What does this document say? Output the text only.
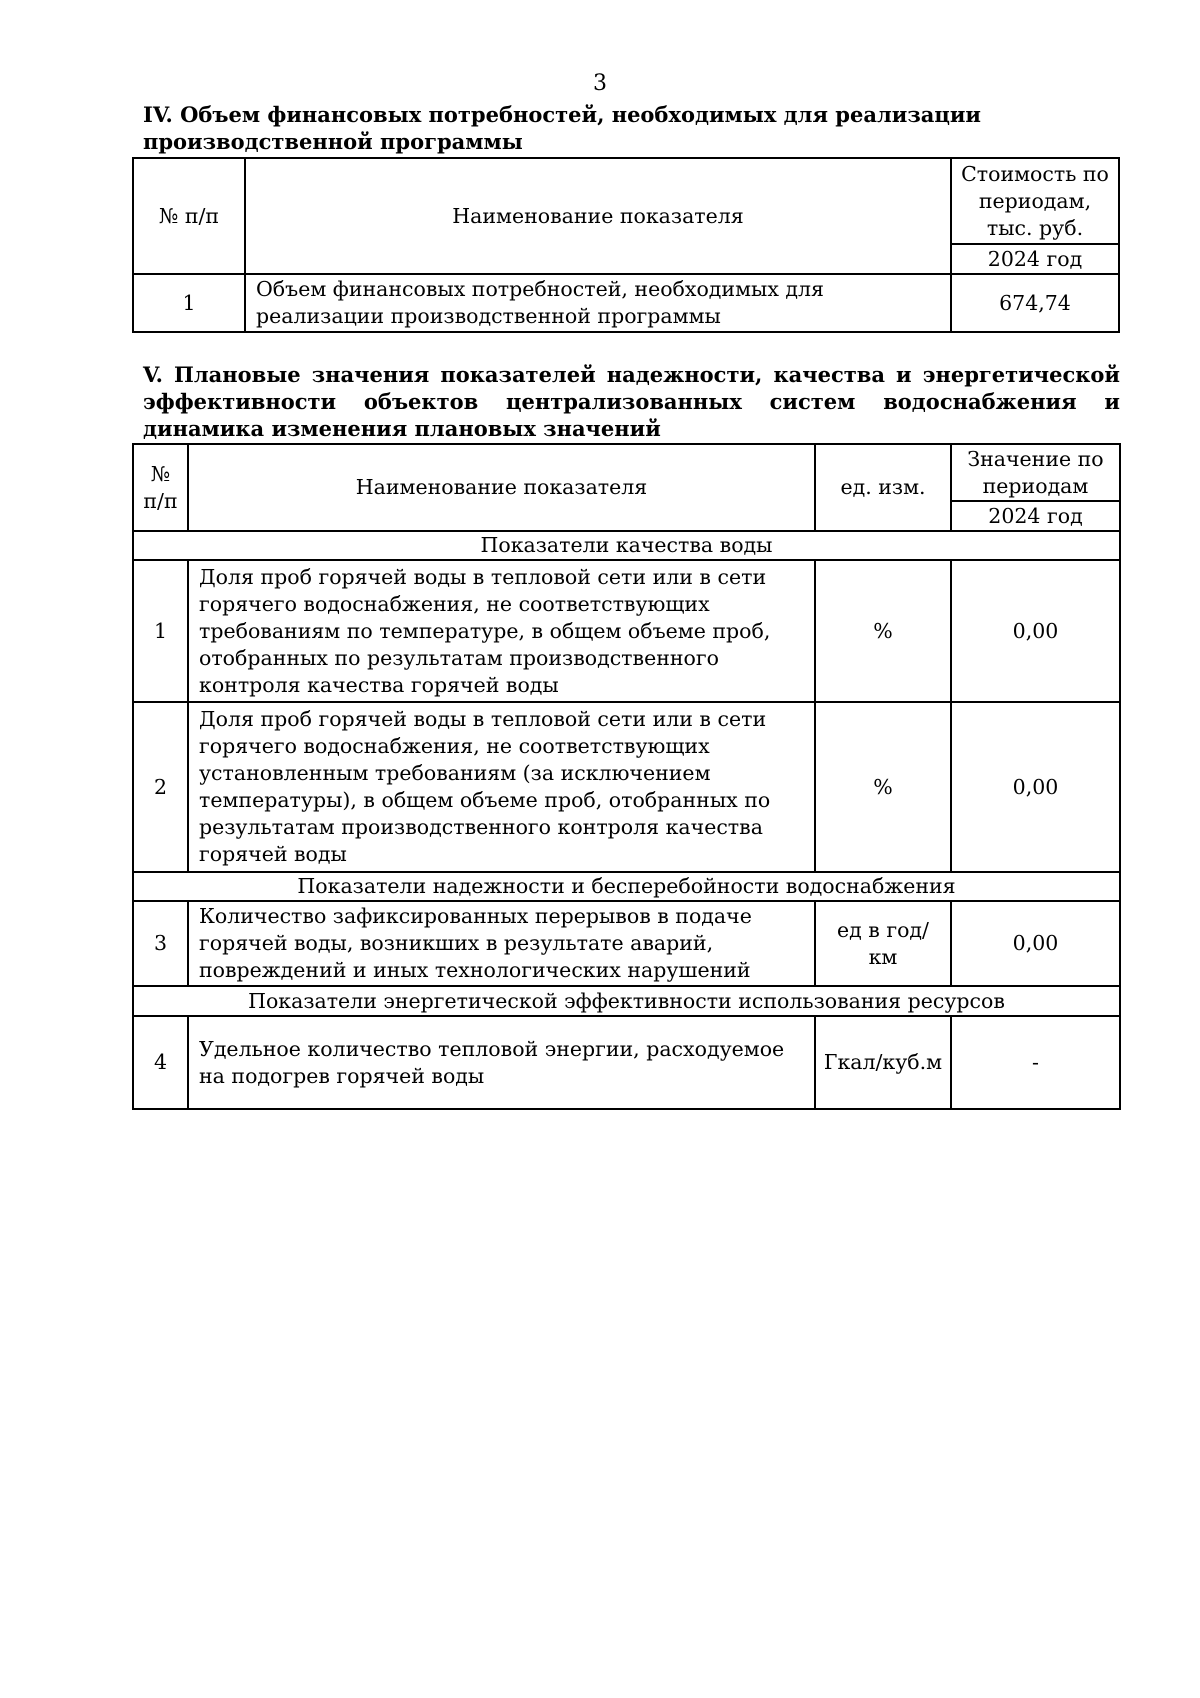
3

IV. Объем финансовых потребностей, необходимых для реализации производственной программы

№ п/п	Наименование показателя	Стоимость по периодам, тыс. руб.
		2024 год
1	Объем финансовых потребностей, необходимых для реализации производственной программы	674,74

V. Плановые значения показателей надежности, качества и энергетической эффективности объектов централизованных систем водоснабжения и динамика изменения плановых значений

№ п/п	Наименование показателя	ед. изм.	Значение по периодам
			2024 год
Показатели качества воды			
1	Доля проб горячей воды в тепловой сети или в сети горячего водоснабжения, не соответствующих требованиям по температуре, в общем объеме проб, отобранных по результатам производственного контроля качества горячей воды	%	0,00
2	Доля проб горячей воды в тепловой сети или в сети горячего водоснабжения, не соответствующих установленным требованиям (за исключением температуры), в общем объеме проб, отобранных по результатам производственного контроля качества горячей воды	%	0,00
Показатели надежности и бесперебойности водоснабжения			
3	Количество зафиксированных перерывов в подаче горячей воды, возникших в результате аварий, повреждений и иных технологических нарушений	ед в год/ км	0,00
Показатели энергетической эффективности использования ресурсов			
4	Удельное количество тепловой энергии, расходуемое на подогрев горячей воды	Гкал/куб.м	-
